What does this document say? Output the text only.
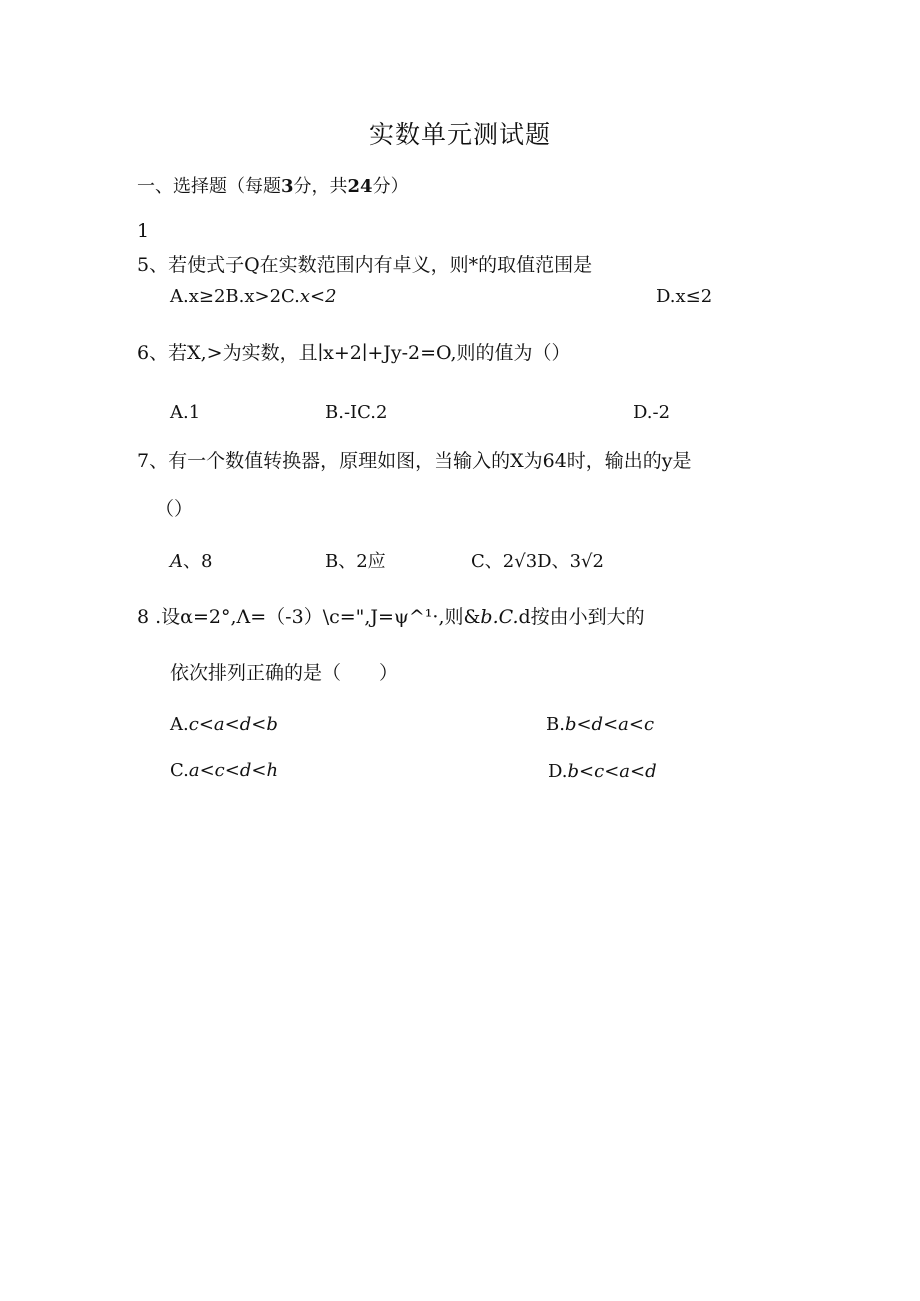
实数单元测试题
一、选择题（每题3分，共24分）
1
5、若使式子Q在实数范围内有卓义，则*的取值范围是
A.x≥2B.x>2C.x<2	D.x≤2
6、若X,>为实数，且∣x+2∣+Jy-2=O,则的值为（）
A.1	B.-IC.2	D.-2
7、有一个数值转换器，原理如图，当输入的X为64时，输出的y是
（）
A、8	B、2应	C、2√3D、3√2
8 .设α=2°,Λ=（-3）\c=",J=ψ^¹·,则&b.C.d按由小到大的
依次排列正确的是（　　）
A.c<a<d<b	B.b<d<a<c
C.a<c<d<h	D.b<c<a<d
